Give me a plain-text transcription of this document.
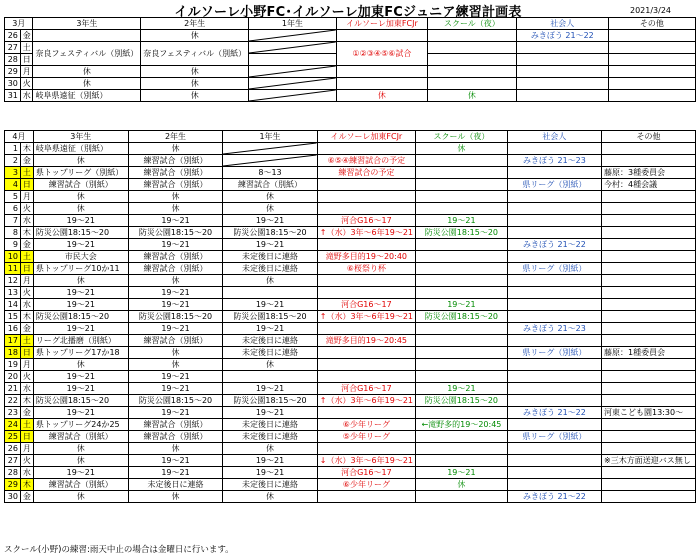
イルソーレ小野FC･イルソーレ加東FCジュニア練習計画表	2021/3/24
3月		3年生	2年生	1年生	イルソーレ加東FCJr	スクール（夜）	社会人	その他
26	金		休				みきぼう 21～22	
27	土	奈良フェスティバル（別紙）	奈良フェスティバル（別紙）		①②③④⑤⑥試合			
28	日							
29	月	休	休	

30	火	休	休	

31	水	岐阜県遠征（別紙）	休		休	休		
4月		3年生	2年生	1年生	イルソーレ加東FCJr	スクール（夜）	社会人	その他
1	木	岐阜県遠征（別紙）	休			休		
2	金	休	練習試合（別紙）		⑥⑤④練習試合の予定		みきぼう 21～23	
3	土	県トップリーグ（別紙）	練習試合（別紙）	8～13	練習試合の予定			藤原：3種委員会
4	日	練習試合（別紙）	練習試合（別紙）	練習試合（別紙）			県リーグ（別紙）	今村：4種会議
5	月	休	休	休				
6	火	休	休	休				
7	水	19～21	19～21	19～21	河合G16～17	19～21		
8	木	防災公園18:15～20	防災公園18:15～20	防災公園18:15～20	↑（水）3年～6年19～21	防災公園18:15～20		
9	金	19～21	19～21	19～21			みきぼう 21～22	
10	土	市民大会	練習試合（別紙）	未定後日に連絡	滝野多目的19～20:40			
11	日	県トップリーグ10か11	練習試合（別紙）	未定後日に連絡	⑥桜祭り杯		県リーグ（別紙）	
12	月	休	休	休				
13	火	19～21	19～21					
14	水	19～21	19～21	19～21	河合G16～17	19～21		
15	木	防災公園18:15～20	防災公園18:15～20	防災公園18:15～20	↑（水）3年～6年19～21	防災公園18:15～20		
16	金	19～21	19～21	19～21			みきぼう 21～23	
17	土	リーグ北播磨（別紙）	練習試合（別紙）	未定後日に連絡	滝野多目的19～20:45			
18	日	県トップリーグ17か18	休	未定後日に連絡			県リーグ（別紙）	藤原：1種委員会
19	月	休	休	休				
20	火	19～21	19～21					
21	水	19～21	19～21	19～21	河合G16～17	19～21		
22	木	防災公園18:15～20	防災公園18:15～20	防災公園18:15～20	↑（水）3年～6年19～21	防災公園18:15～20		
23	金	19～21	19～21	19～21			みきぼう 21～22	河東こども園13:30～
24	土	県トップリーグ24か25	練習試合（別紙）	未定後日に連絡	⑥少年リーグ	←滝野多的19～20:45		
25	日	練習試合（別紙）	練習試合（別紙）	未定後日に連絡	⑤少年リーグ		県リーグ（別紙）	
26	月	休	休	休				
27	火	休	19～21	19～21	↓（水）3年～6年19～21			※三木方面送迎バス無し
28	水	19～21	19～21	19～21	河合G16～17	19～21		
29	木	練習試合（別紙）	未定後日に連絡	未定後日に連絡	⑥少年リーグ	休		
30	金	休	休	休			みきぼう 21～22	
スクール(小野)の練習:雨天中止の場合は金曜日に行います。
